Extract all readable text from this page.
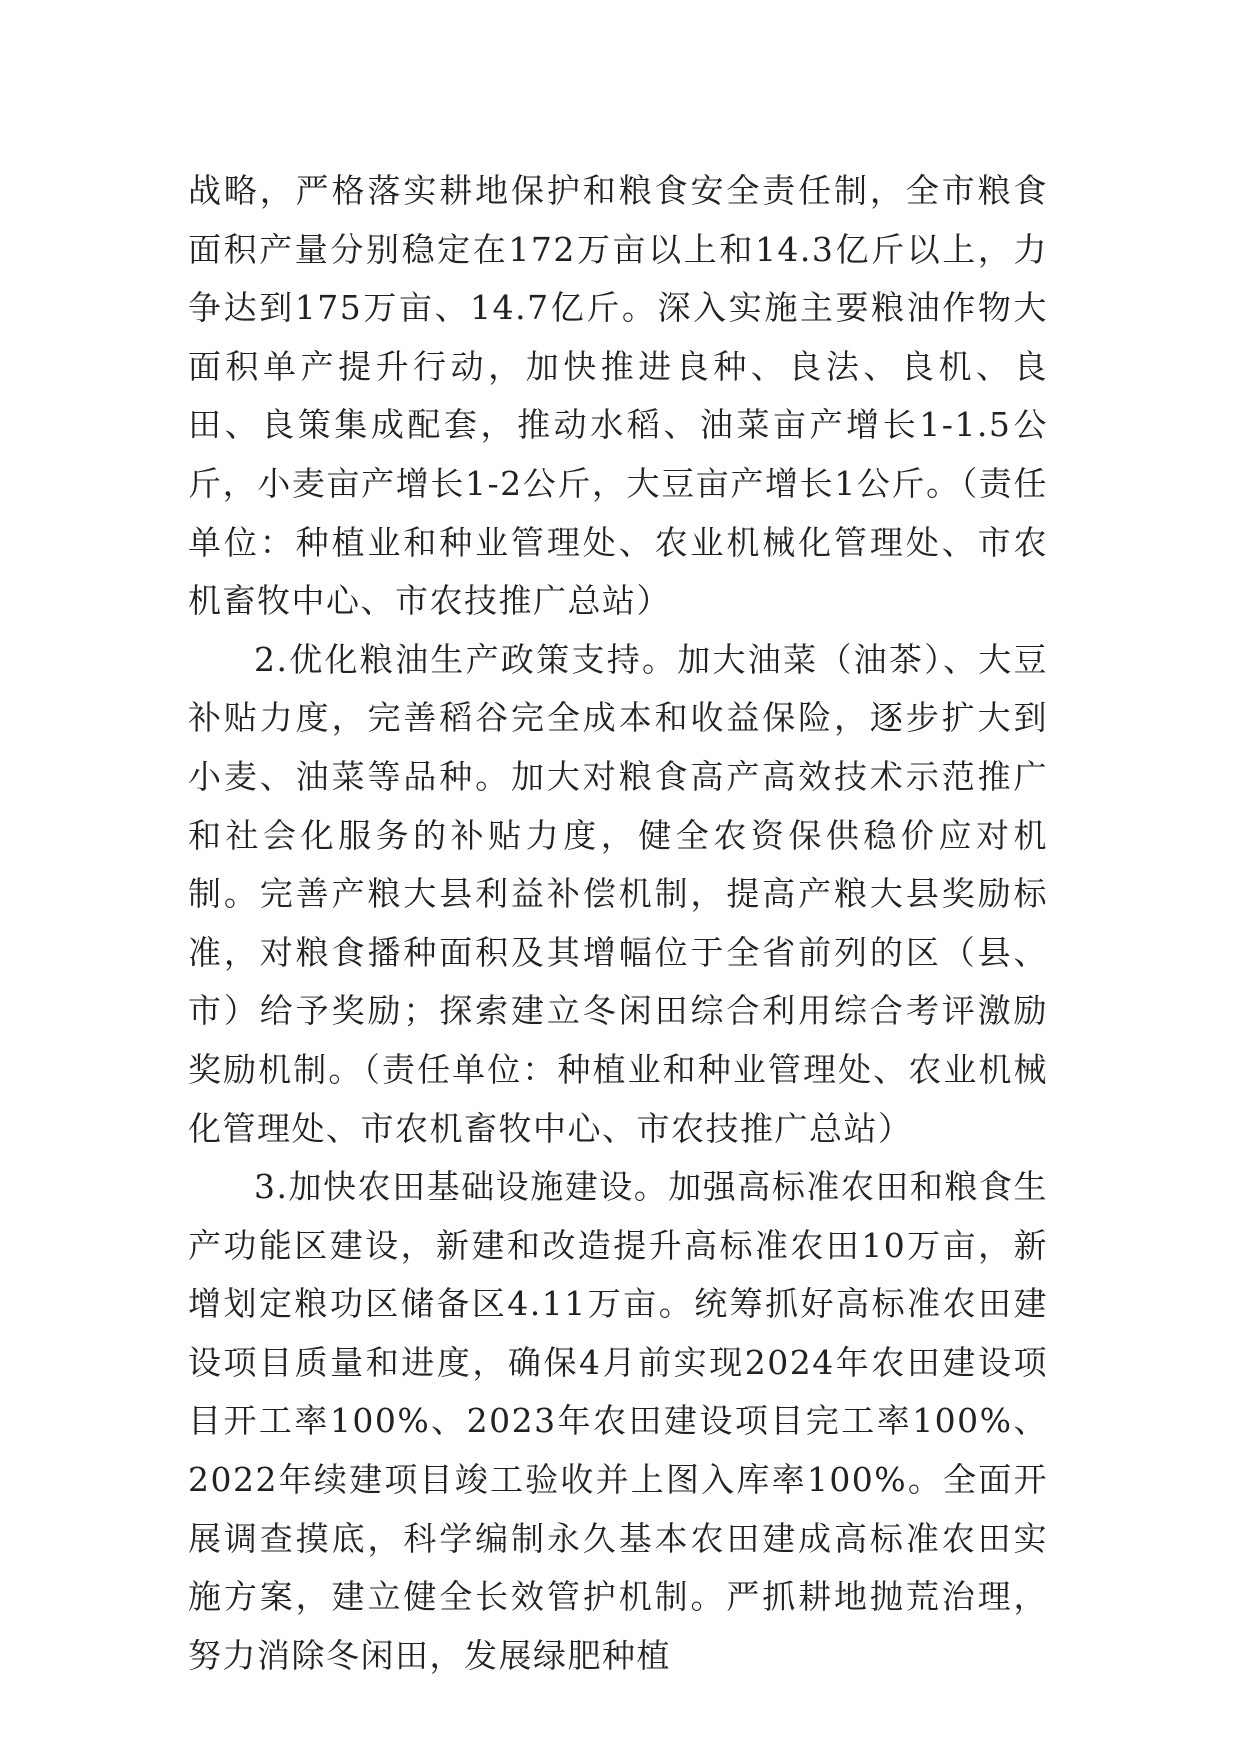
战略，严格落实耕地保护和粮食安全责任制，全市粮食面积产量分别稳定在172万亩以上和14.3亿斤以上，力争达到175万亩、14.7亿斤。深入实施主要粮油作物大面积单产提升行动，加快推进良种、良法、良机、良田、良策集成配套，推动水稻、油菜亩产增长1-1.5公斤，小麦亩产增长1-2公斤，大豆亩产增长1公斤。（责任单位：种植业和种业管理处、农业机械化管理处、市农机畜牧中心、市农技推广总站）

2.优化粮油生产政策支持。加大油菜（油茶）、大豆补贴力度，完善稻谷完全成本和收益保险，逐步扩大到小麦、油菜等品种。加大对粮食高产高效技术示范推广和社会化服务的补贴力度，健全农资保供稳价应对机制。完善产粮大县利益补偿机制，提高产粮大县奖励标准，对粮食播种面积及其增幅位于全省前列的区（县、市）给予奖励；探索建立冬闲田综合利用综合考评激励奖励机制。（责任单位：种植业和种业管理处、农业机械化管理处、市农机畜牧中心、市农技推广总站）

3.加快农田基础设施建设。加强高标准农田和粮食生产功能区建设，新建和改造提升高标准农田10万亩，新增划定粮功区储备区4.11万亩。统筹抓好高标准农田建设项目质量和进度，确保4月前实现2024年农田建设项目开工率100%、2023年农田建设项目完工率100%、2022年续建项目竣工验收并上图入库率100%。全面开展调查摸底，科学编制永久基本农田建成高标准农田实施方案，建立健全长效管护机制。严抓耕地抛荒治理，努力消除冬闲田，发展绿肥种植
